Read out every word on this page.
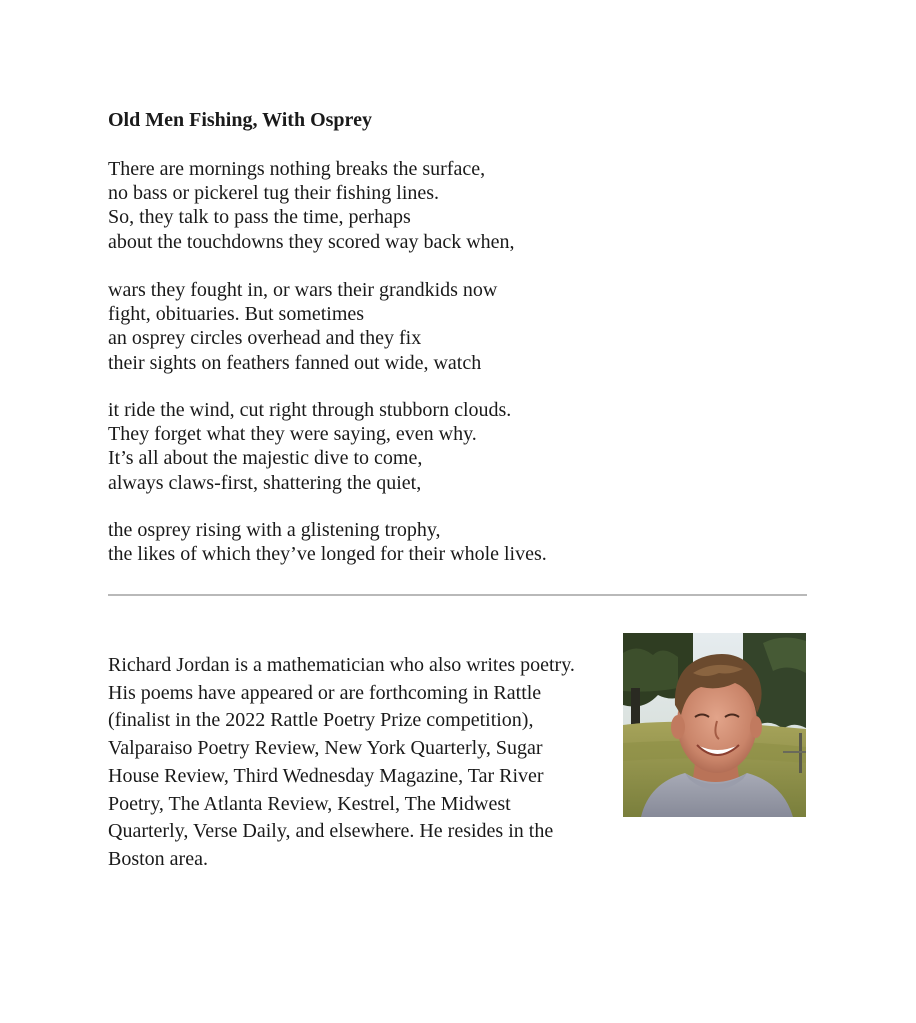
Old Men Fishing, With Osprey

There are mornings nothing breaks the surface,
no bass or pickerel tug their fishing lines.
So, they talk to pass the time, perhaps
about the touchdowns they scored way back when,

wars they fought in, or wars their grandkids now
fight, obituaries. But sometimes
an osprey circles overhead and they fix
their sights on feathers fanned out wide, watch

it ride the wind, cut right through stubborn clouds.
They forget what they were saying, even why.
It’s all about the majestic dive to come,
always claws-first, shattering the quiet,

the osprey rising with a glistening trophy,
the likes of which they’ve longed for their whole lives.

Richard Jordan is a mathematician who also writes poetry.
His poems have appeared or are forthcoming in Rattle
(finalist in the 2022 Rattle Poetry Prize competition),
Valparaiso Poetry Review, New York Quarterly, Sugar
House Review, Third Wednesday Magazine, Tar River
Poetry, The Atlanta Review, Kestrel, The Midwest
Quarterly, Verse Daily, and elsewhere. He resides in the
Boston area.
